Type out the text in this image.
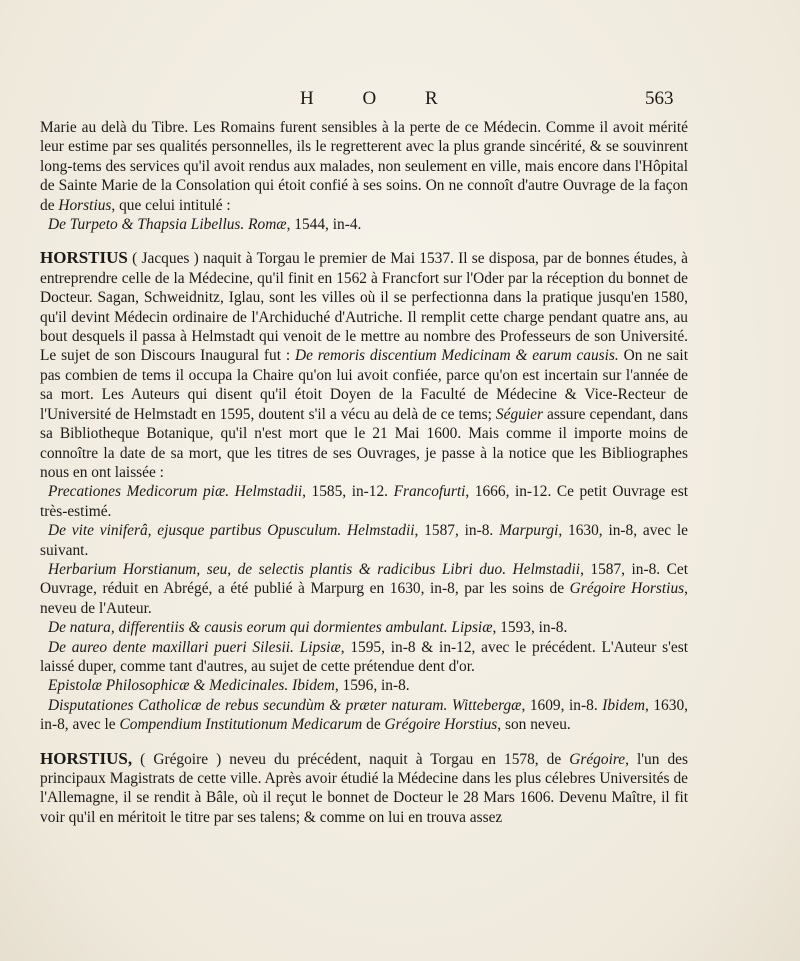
H O R	563

Marie au delà du Tibre. Les Romains furent sensibles à la perte de ce Médecin. Comme il avoit mérité leur estime par ses qualités personnelles, ils le regretterent avec la plus grande sincérité, & se souvinrent long-tems des services qu'il avoit rendus aux malades, non seulement en ville, mais encore dans l'Hôpital de Sainte Marie de la Consolation qui étoit confié à ses soins. On ne connoît d'autre Ouvrage de la façon de Horstius, que celui intitulé :

De Turpeto & Thapsia Libellus. Romæ, 1544, in-4.

HORSTIUS ( Jacques ) naquit à Torgau le premier de Mai 1537. Il se disposa, par de bonnes études, à entreprendre celle de la Médecine, qu'il finit en 1562 à Francfort sur l'Oder par la réception du bonnet de Docteur. Sagan, Schweidnitz, Iglau, sont les villes où il se perfectionna dans la pratique jusqu'en 1580, qu'il devint Médecin ordinaire de l'Archiduché d'Autriche. Il remplit cette charge pendant quatre ans, au bout desquels il passa à Helmstadt qui venoit de le mettre au nombre des Professeurs de son Université. Le sujet de son Discours Inaugural fut : De remoris discentium Medicinam & earum causis. On ne sait pas combien de tems il occupa la Chaire qu'on lui avoit confiée, parce qu'on est incertain sur l'année de sa mort. Les Auteurs qui disent qu'il étoit Doyen de la Faculté de Médecine & Vice-Recteur de l'Université de Helmstadt en 1595, doutent s'il a vécu au delà de ce tems; Séguier assure cependant, dans sa Bibliotheque Botanique, qu'il n'est mort que le 21 Mai 1600. Mais comme il importe moins de connoître la date de sa mort, que les titres de ses Ouvrages, je passe à la notice que les Bibliographes nous en ont laissée :

Precationes Medicorum piæ. Helmstadii, 1585, in-12. Francofurti, 1666, in-12. Ce petit Ouvrage est très-estimé.

De vite viniferâ, ejusque partibus Opusculum. Helmstadii, 1587, in-8. Marpurgi, 1630, in-8, avec le suivant.

Herbarium Horstianum, seu, de selectis plantis & radicibus Libri duo. Helmstadii, 1587, in-8. Cet Ouvrage, réduit en Abrégé, a été publié à Marpurg en 1630, in-8, par les soins de Grégoire Horstius, neveu de l'Auteur.

De natura, differentiis & causis eorum qui dormientes ambulant. Lipsiæ, 1593, in-8.

De aureo dente maxillari pueri Silesii. Lipsiæ, 1595, in-8 & in-12, avec le précédent. L'Auteur s'est laissé duper, comme tant d'autres, au sujet de cette prétendue dent d'or.

Epistolæ Philosophicæ & Medicinales. Ibidem, 1596, in-8.

Disputationes Catholicæ de rebus secundùm & præter naturam. Wittebergæ, 1609, in-8. Ibidem, 1630, in-8, avec le Compendium Institutionum Medicarum de Grégoire Horstius, son neveu.

HORSTIUS, ( Grégoire ) neveu du précédent, naquit à Torgau en 1578, de Grégoire, l'un des principaux Magistrats de cette ville. Après avoir étudié la Médecine dans les plus célebres Universités de l'Allemagne, il se rendit à Bâle, où il reçut le bonnet de Docteur le 28 Mars 1606. Devenu Maître, il fit voir qu'il en méritoit le titre par ses talens; & comme on lui en trouva assez
